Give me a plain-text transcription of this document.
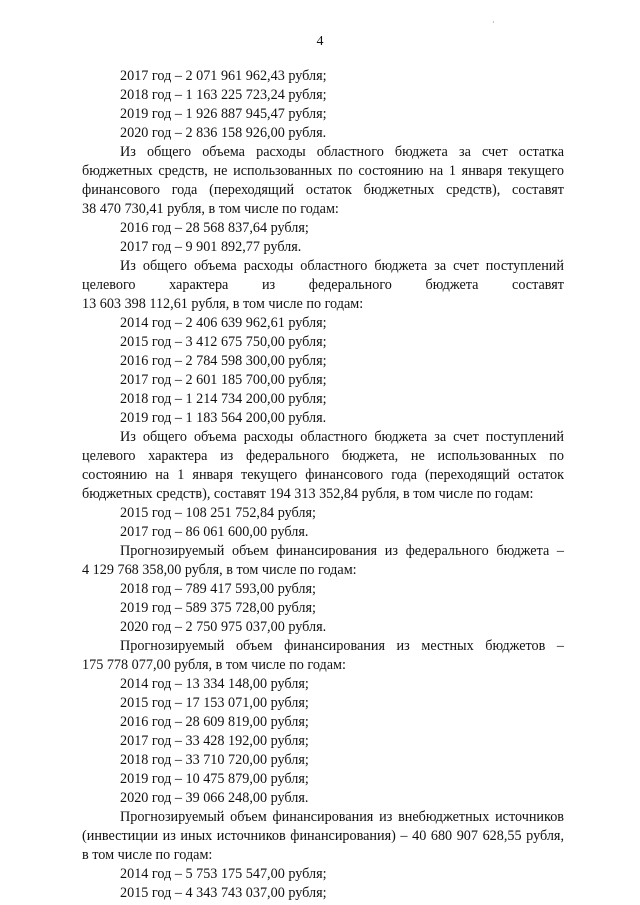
·
4
2017 год – 2 071 961 962,43 рубля;
2018 год – 1 163 225 723,24 рубля;
2019 год – 1 926 887 945,47 рубля;
2020 год – 2 836 158 926,00 рубля.
Из общего объема расходы областного бюджета за счет остатка
бюджетных средств, не использованных по состоянию на 1 января текущего
финансового года (переходящий остаток бюджетных средств), составят
38 470 730,41 рубля, в том числе по годам:
2016 год – 28 568 837,64 рубля;
2017 год – 9 901 892,77 рубля.
Из общего объема расходы областного бюджета за счет поступлений
целевого характера из федерального бюджета составят
13 603 398 112,61 рубля, в том числе по годам:
2014 год – 2 406 639 962,61 рубля;
2015 год – 3 412 675 750,00 рубля;
2016 год – 2 784 598 300,00 рубля;
2017 год – 2 601 185 700,00 рубля;
2018 год – 1 214 734 200,00 рубля;
2019 год – 1 183 564 200,00 рубля.
Из общего объема расходы областного бюджета за счет поступлений
целевого характера из федерального бюджета, не использованных по
состоянию на 1 января текущего финансового года (переходящий остаток
бюджетных средств), составят 194 313 352,84 рубля, в том числе по годам:
2015 год – 108 251 752,84 рубля;
2017 год – 86 061 600,00 рубля.
Прогнозируемый объем финансирования из федерального бюджета –
4 129 768 358,00 рубля, в том числе по годам:
2018 год – 789 417 593,00 рубля;
2019 год – 589 375 728,00 рубля;
2020 год – 2 750 975 037,00 рубля.
Прогнозируемый объем финансирования из местных бюджетов –
175 778 077,00 рубля, в том числе по годам:
2014 год – 13 334 148,00 рубля;
2015 год – 17 153 071,00 рубля;
2016 год – 28 609 819,00 рубля;
2017 год – 33 428 192,00 рубля;
2018 год – 33 710 720,00 рубля;
2019 год – 10 475 879,00 рубля;
2020 год – 39 066 248,00 рубля.
Прогнозируемый объем финансирования из внебюджетных источников
(инвестиции из иных источников финансирования) – 40 680 907 628,55 рубля,
в том числе по годам:
2014 год – 5 753 175 547,00 рубля;
2015 год – 4 343 743 037,00 рубля;
